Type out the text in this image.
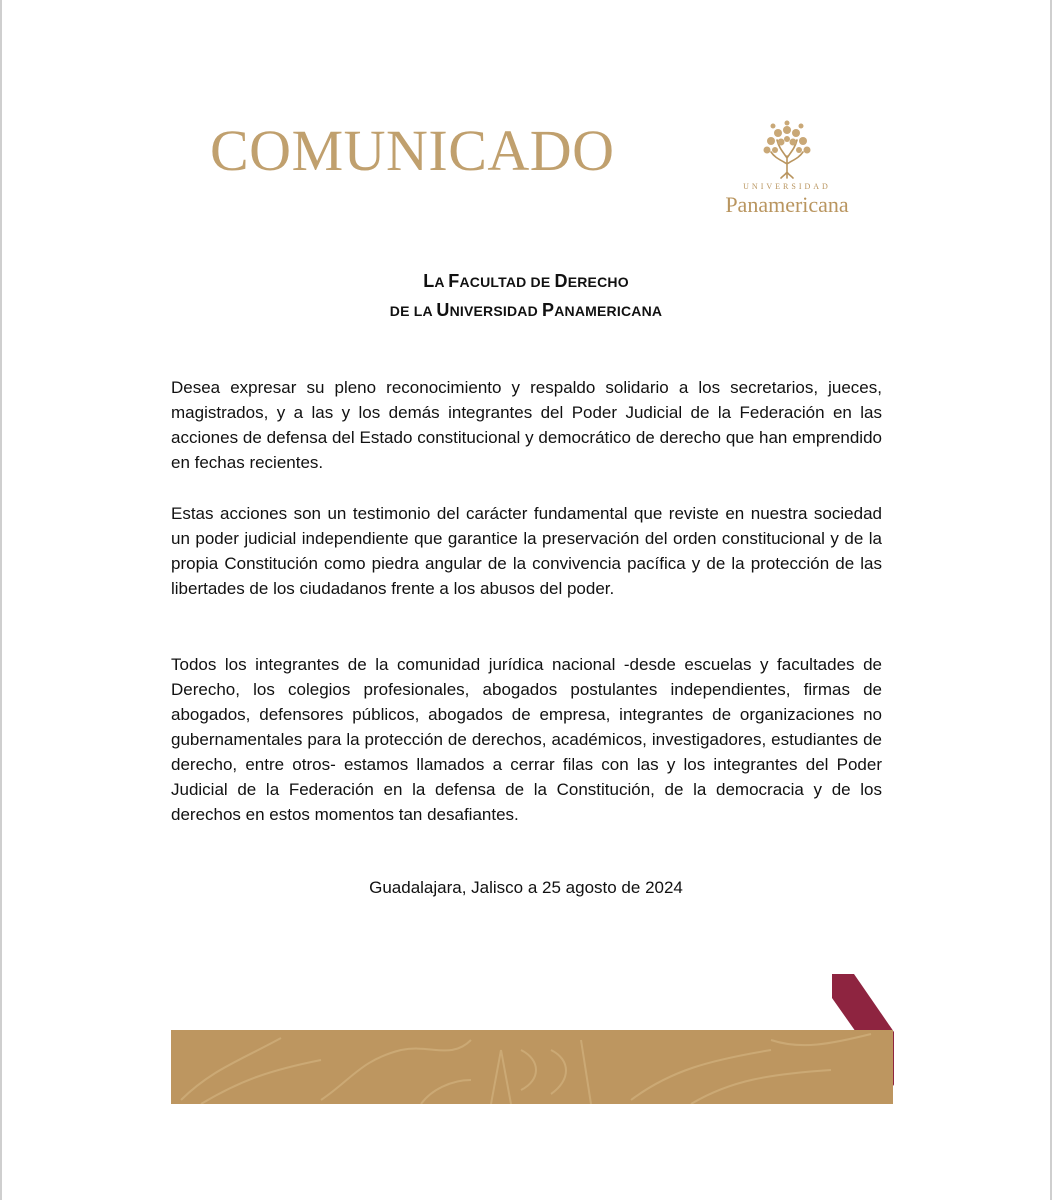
COMUNICADO
UNIVERSIDAD
Panamericana
LA FACULTAD DE DERECHO
DE LA UNIVERSIDAD PANAMERICANA

Desea expresar su pleno reconocimiento y respaldo solidario a los secretarios, jueces, magistrados, y a las y los demás integrantes del Poder Judicial de la Federación en las acciones de defensa del Estado constitucional y democrático de derecho que han emprendido en fechas recientes.

Estas acciones son un testimonio del carácter fundamental que reviste en nuestra sociedad un poder judicial independiente que garantice la preservación del orden constitucional y de la propia Constitución como piedra angular de la convivencia pacífica y de la protección de las libertades de los ciudadanos frente a los abusos del poder.

Todos los integrantes de la comunidad jurídica nacional -desde escuelas y facultades de Derecho, los colegios profesionales, abogados postulantes independientes, firmas de abogados, defensores públicos, abogados de empresa, integrantes de organizaciones no gubernamentales para la protección de derechos, académicos, investigadores, estudiantes de derecho, entre otros- estamos llamados a cerrar filas con las y los integrantes del Poder Judicial de la Federación en la defensa de la Constitución, de la democracia y de los derechos en estos momentos tan desafiantes.

Guadalajara, Jalisco a 25 agosto de 2024
